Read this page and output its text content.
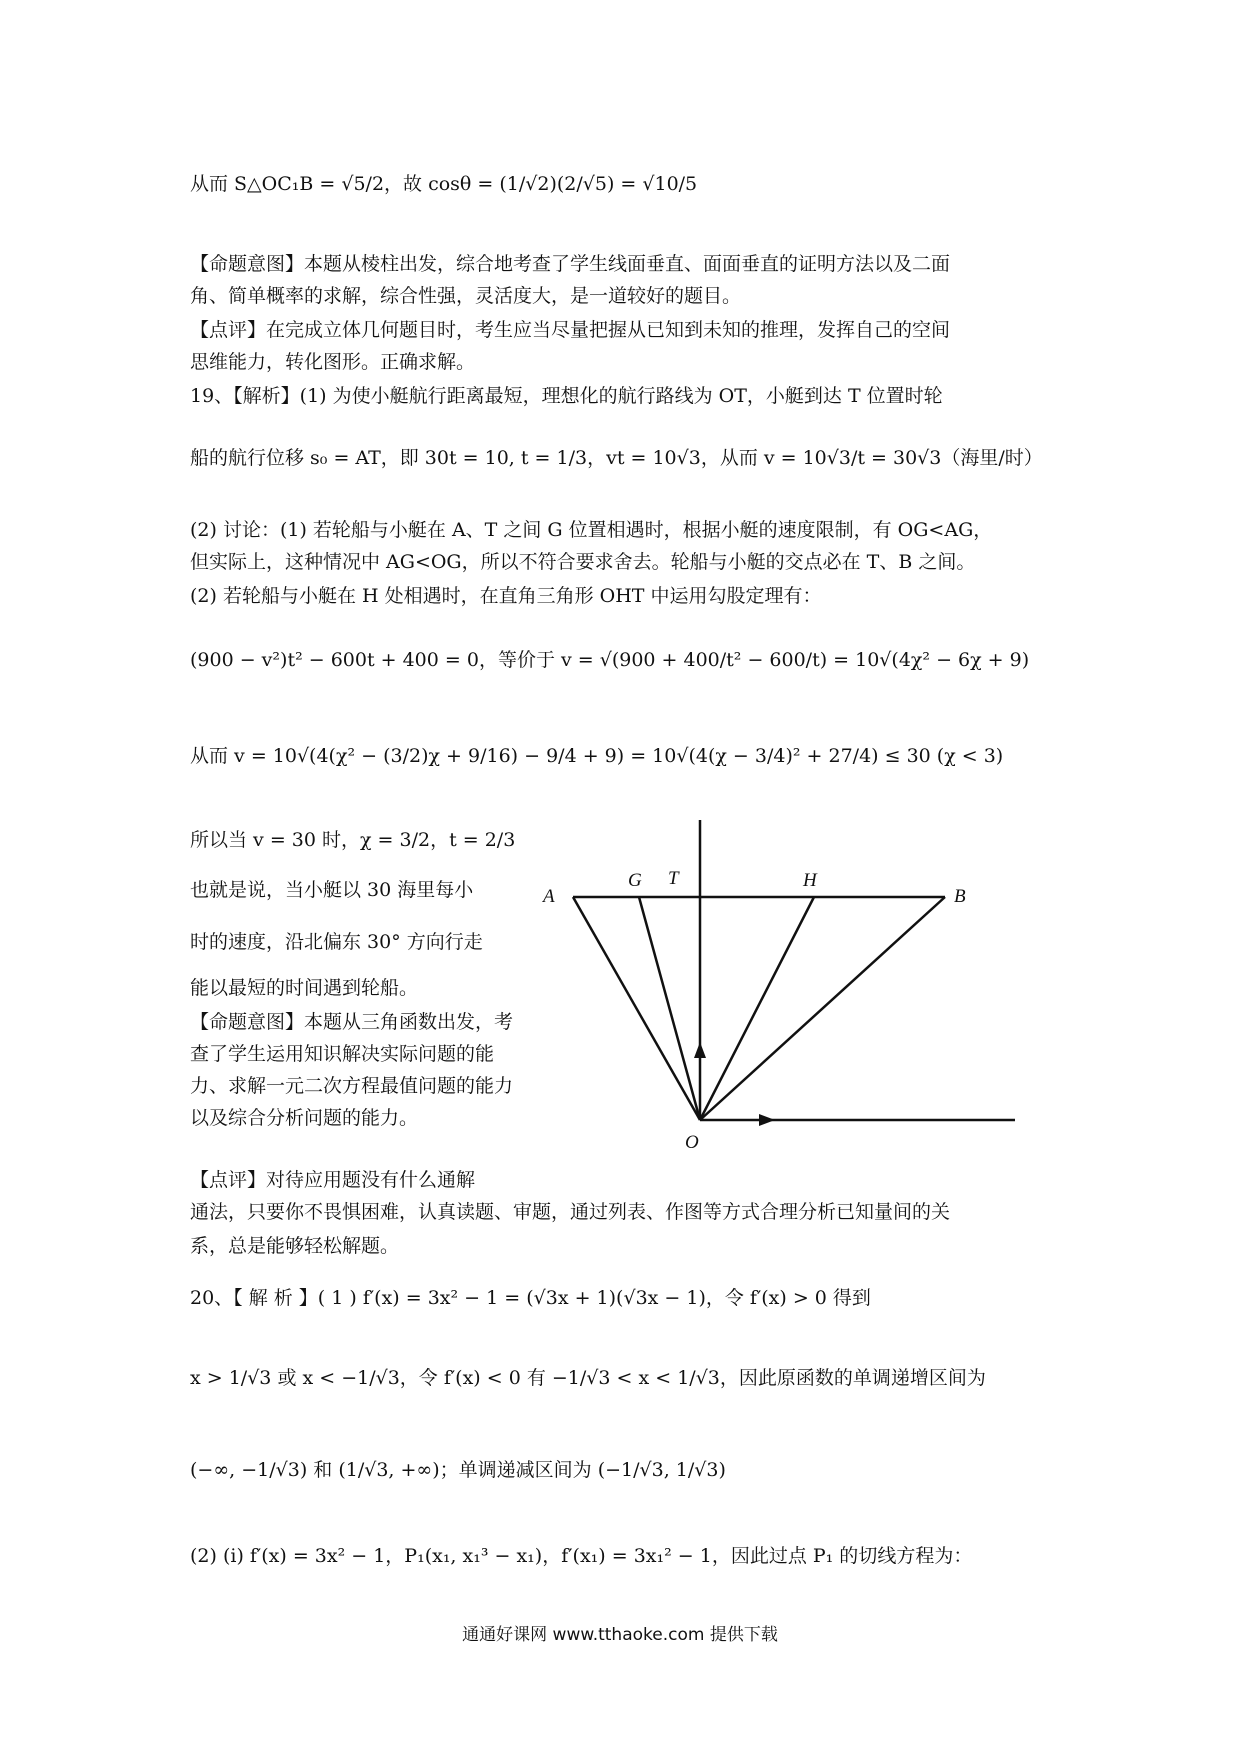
从而 S△OC₁B = √5/2，故 cosθ = (1/√2)(2/√5) = √10/5
【命题意图】本题从棱柱出发，综合地考查了学生线面垂直、面面垂直的证明方法以及二面
角、简单概率的求解，综合性强，灵活度大，是一道较好的题目。
【点评】在完成立体几何题目时，考生应当尽量把握从已知到未知的推理，发挥自己的空间
思维能力，转化图形。正确求解。
19、【解析】(1) 为使小艇航行距离最短，理想化的航行路线为 OT，小艇到达 T 位置时轮
船的航行位移 s₀ = AT，即 30t = 10, t = 1/3，vt = 10√3，从而 v = 10√3/t = 30√3（海里/时）
(2) 讨论：(1) 若轮船与小艇在 A、T 之间 G 位置相遇时，根据小艇的速度限制，有 OG<AG，
但实际上，这种情况中 AG<OG，所以不符合要求舍去。轮船与小艇的交点必在 T、B 之间。
(2) 若轮船与小艇在 H 处相遇时，在直角三角形 OHT 中运用勾股定理有：
(900 − v²)t² − 600t + 400 = 0，等价于 v = √(900 + 400/t² − 600/t) = 10√(4χ² − 6χ + 9)
从而 v = 10√(4(χ² − (3/2)χ + 9/16) − 9/4 + 9) = 10√(4(χ − 3/4)² + 27/4) ≤ 30 (χ < 3)
所以当 v = 30 时，χ = 3/2，t = 2/3
也就是说，当小艇以 30 海里每小
时的速度，沿北偏东 30° 方向行走
能以最短的时间遇到轮船。
【命题意图】本题从三角函数出发，考查了学生运用知识解决实际问题的能力、求解一元二次方程最值问题的能力以及综合分析问题的能力。
【点评】对待应用题没有什么通解
通法，只要你不畏惧困难，认真读题、审题，通过列表、作图等方式合理分析已知量间的关
系，总是能够轻松解题。
20、【 解 析 】( 1 ) f′(x) = 3x² − 1 = (√3x + 1)(√3x − 1)，令 f′(x) > 0 得到
x > 1/√3 或 x < −1/√3，令 f′(x) < 0 有 −1/√3 < x < 1/√3，因此原函数的单调递增区间为
(−∞, −1/√3) 和 (1/√3, +∞)；单调递减区间为 (−1/√3, 1/√3)
(2) (i) f′(x) = 3x² − 1，P₁(x₁, x₁³ − x₁)，f′(x₁) = 3x₁² − 1，因此过点 P₁ 的切线方程为：
A
G T	H
B
O
通通好课网 www.tthaoke.com 提供下载
